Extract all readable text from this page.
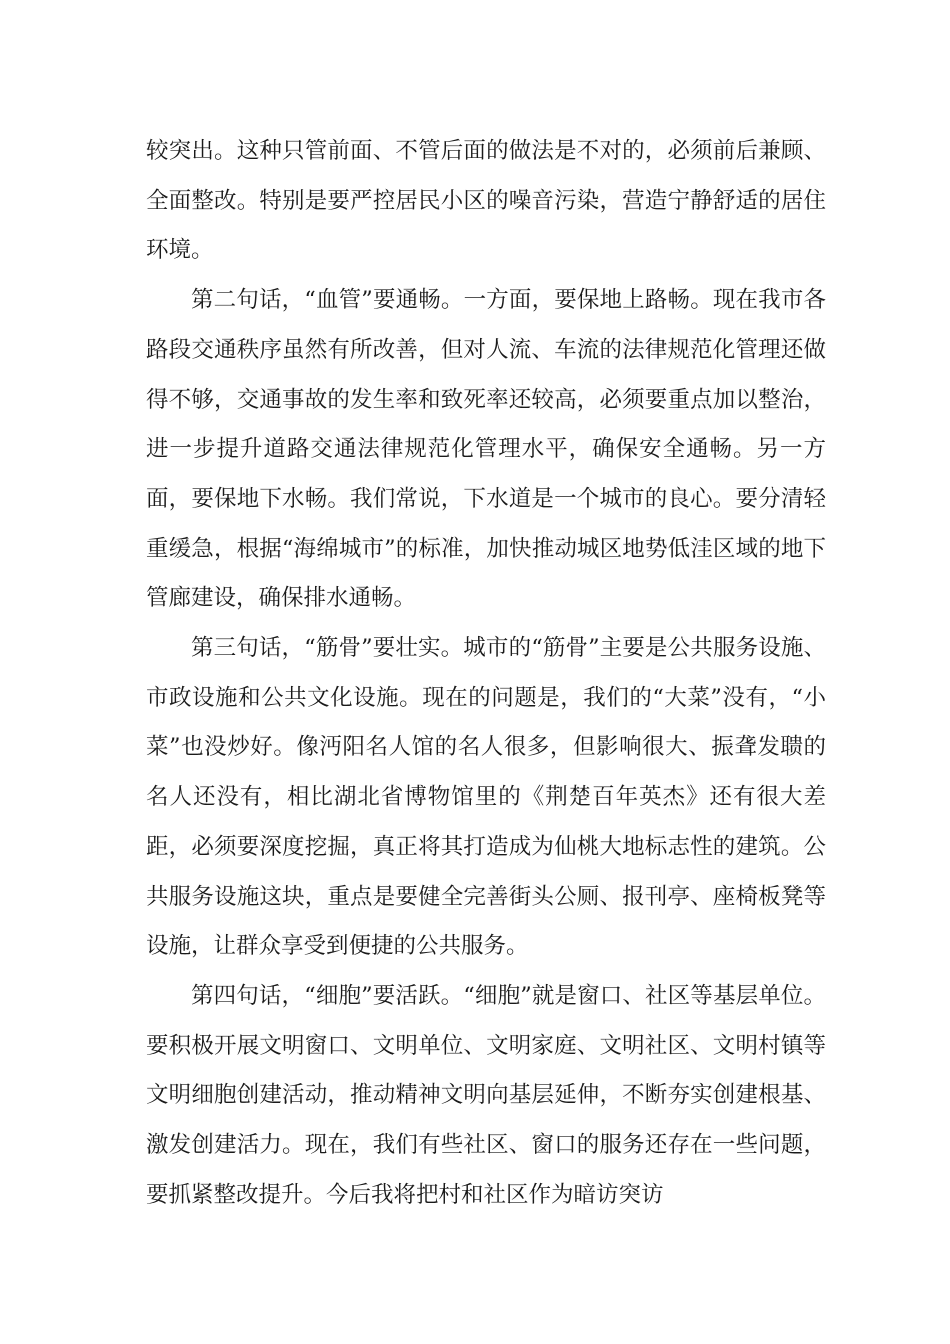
较突出。这种只管前面、不管后面的做法是不对的，必须前后兼顾、全面整改。特别是要严控居民小区的噪音污染，营造宁静舒适的居住环境。

第二句话，“血管”要通畅。一方面，要保地上路畅。现在我市各路段交通秩序虽然有所改善，但对人流、车流的法律规范化管理还做得不够，交通事故的发生率和致死率还较高，必须要重点加以整治，进一步提升道路交通法律规范化管理水平，确保安全通畅。另一方面，要保地下水畅。我们常说，下水道是一个城市的良心。要分清轻重缓急，根据“海绵城市”的标准，加快推动城区地势低洼区域的地下管廊建设，确保排水通畅。

第三句话，“筋骨”要壮实。城市的“筋骨”主要是公共服务设施、市政设施和公共文化设施。现在的问题是，我们的“大菜”没有，“小菜”也没炒好。像沔阳名人馆的名人很多，但影响很大、振聋发聩的名人还没有，相比湖北省博物馆里的《荆楚百年英杰》还有很大差距，必须要深度挖掘，真正将其打造成为仙桃大地标志性的建筑。公共服务设施这块，重点是要健全完善街头公厕、报刊亭、座椅板凳等设施，让群众享受到便捷的公共服务。

第四句话，“细胞”要活跃。“细胞”就是窗口、社区等基层单位。要积极开展文明窗口、文明单位、文明家庭、文明社区、文明村镇等文明细胞创建活动，推动精神文明向基层延伸，不断夯实创建根基、激发创建活力。现在，我们有些社区、窗口的服务还存在一些问题，要抓紧整改提升。今后我将把村和社区作为暗访突访
